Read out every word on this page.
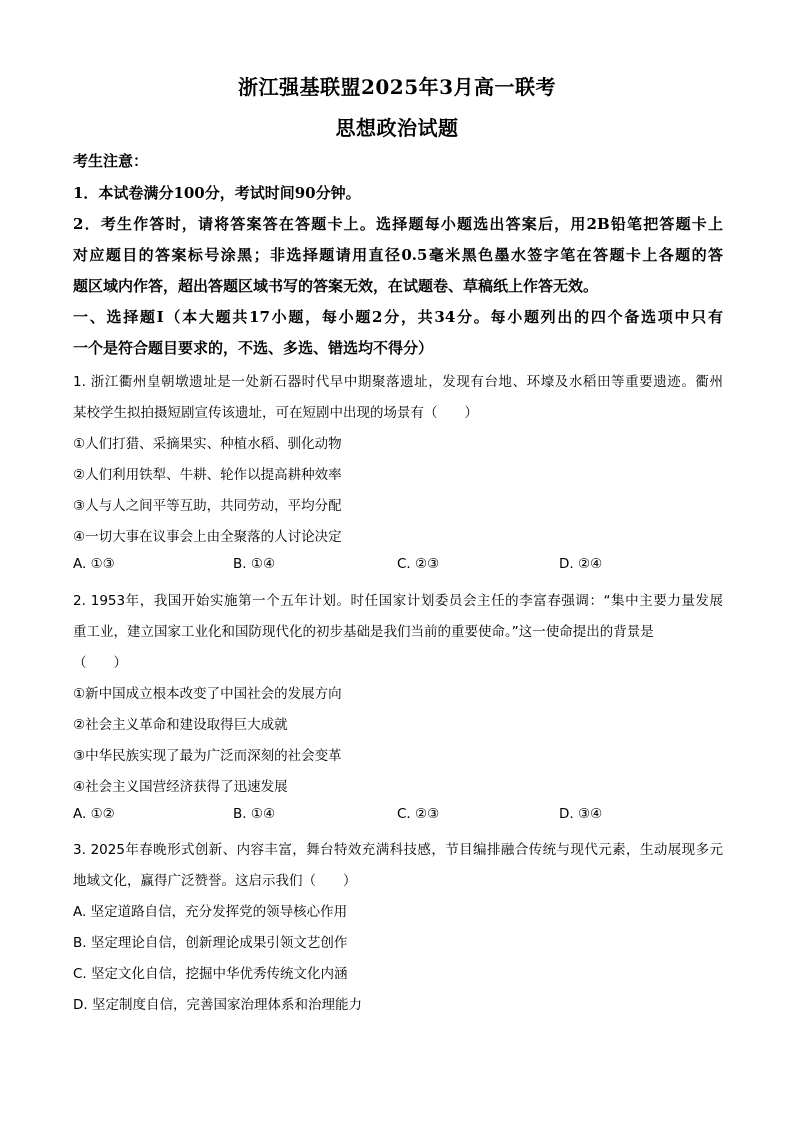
浙江强基联盟2025年3月高一联考
思想政治试题
考生注意：
1．本试卷满分100分，考试时间90分钟。
2．考生作答时，请将答案答在答题卡上。选择题每小题选出答案后，用2B铅笔把答题卡上
对应题目的答案标号涂黑；非选择题请用直径0.5毫米黑色墨水签字笔在答题卡上各题的答
题区域内作答，超出答题区域书写的答案无效，在试题卷、草稿纸上作答无效。
一、选择题Ⅰ（本大题共17小题，每小题2分，共34分。每小题列出的四个备选项中只有
一个是符合题目要求的，不选、多选、错选均不得分）
1. 浙江衢州皇朝墩遗址是一处新石器时代早中期聚落遗址，发现有台地、环壕及水稻田等重要遗迹。衢州
某校学生拟拍摄短剧宣传该遗址，可在短剧中出现的场景有（　　）
①人们打猎、采摘果实、种植水稻、驯化动物
②人们利用铁犁、牛耕、轮作以提高耕种效率
③人与人之间平等互助，共同劳动，平均分配
④一切大事在议事会上由全聚落的人讨论决定
A. ①③	B. ①④	C. ②③	D. ②④
2. 1953年，我国开始实施第一个五年计划。时任国家计划委员会主任的李富春强调：“集中主要力量发展
重工业，建立国家工业化和国防现代化的初步基础是我们当前的重要使命。”这一使命提出的背景是
（　　）
①新中国成立根本改变了中国社会的发展方向
②社会主义革命和建设取得巨大成就
③中华民族实现了最为广泛而深刻的社会变革
④社会主义国营经济获得了迅速发展
A. ①②	B. ①④	C. ②③	D. ③④
3. 2025年春晚形式创新、内容丰富，舞台特效充满科技感，节目编排融合传统与现代元素，生动展现多元
地域文化，赢得广泛赞誉。这启示我们（　　）
A. 坚定道路自信，充分发挥党的领导核心作用
B. 坚定理论自信，创新理论成果引领文艺创作
C. 坚定文化自信，挖掘中华优秀传统文化内涵
D. 坚定制度自信，完善国家治理体系和治理能力
